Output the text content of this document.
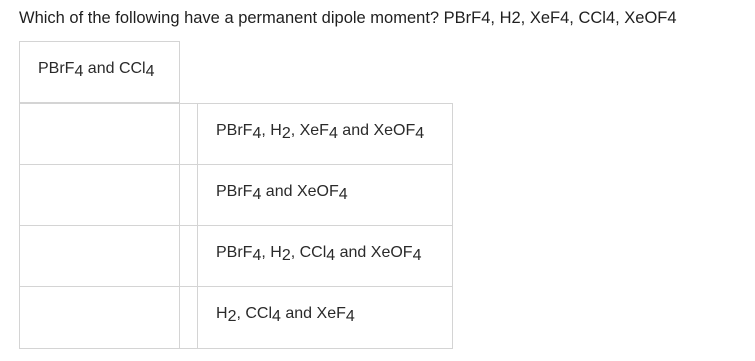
Which of the following have a permanent dipole moment? PBrF4, H2, XeF4, CCl4, XeOF4
PBrF4 and CCl4
PBrF4, H2, XeF4 and XeOF4
PBrF4 and XeOF4
PBrF4, H2, CCl4 and XeOF4
H2, CCl4 and XeF4
